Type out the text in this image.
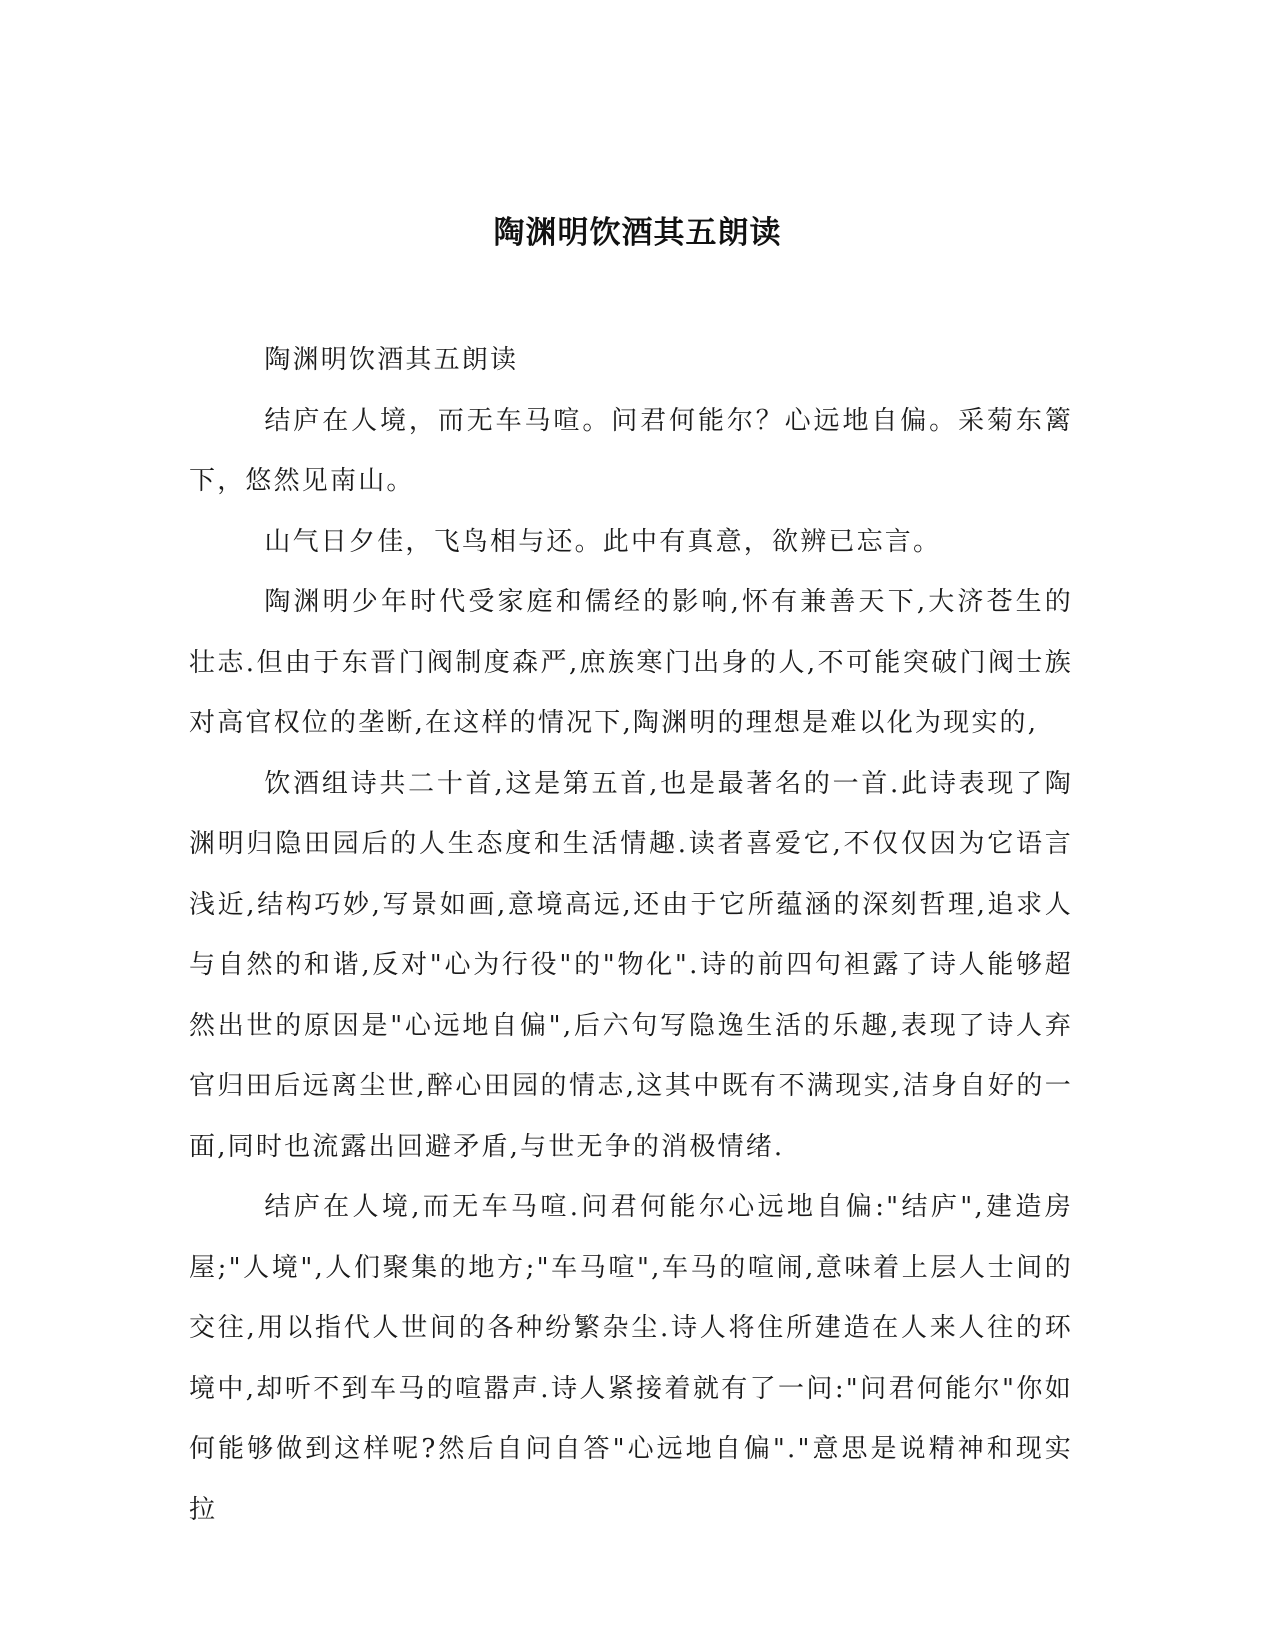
陶渊明饮酒其五朗读

陶渊明饮酒其五朗读

结庐在人境，而无车马喧。问君何能尔？心远地自偏。采菊东篱下，悠然见南山。

山气日夕佳，飞鸟相与还。此中有真意，欲辨已忘言。

陶渊明少年时代受家庭和儒经的影响,怀有兼善天下,大济苍生的壮志.但由于东晋门阀制度森严,庶族寒门出身的人,不可能突破门阀士族对高官权位的垄断,在这样的情况下,陶渊明的理想是难以化为现实的,

饮酒组诗共二十首,这是第五首,也是最著名的一首.此诗表现了陶渊明归隐田园后的人生态度和生活情趣.读者喜爱它,不仅仅因为它语言浅近,结构巧妙,写景如画,意境高远,还由于它所蕴涵的深刻哲理,追求人与自然的和谐,反对"心为行役"的"物化".诗的前四句袒露了诗人能够超然出世的原因是"心远地自偏",后六句写隐逸生活的乐趣,表现了诗人弃官归田后远离尘世,醉心田园的情志,这其中既有不满现实,洁身自好的一面,同时也流露出回避矛盾,与世无争的消极情绪.

结庐在人境,而无车马喧.问君何能尔心远地自偏:"结庐",建造房屋;"人境",人们聚集的地方;"车马喧",车马的喧闹,意味着上层人士间的交往,用以指代人世间的各种纷繁杂尘.诗人将住所建造在人来人往的环境中,却听不到车马的喧嚣声.诗人紧接着就有了一问:"问君何能尔"你如何能够做到这样呢?然后自问自答"心远地自偏"."意思是说精神和现实拉
